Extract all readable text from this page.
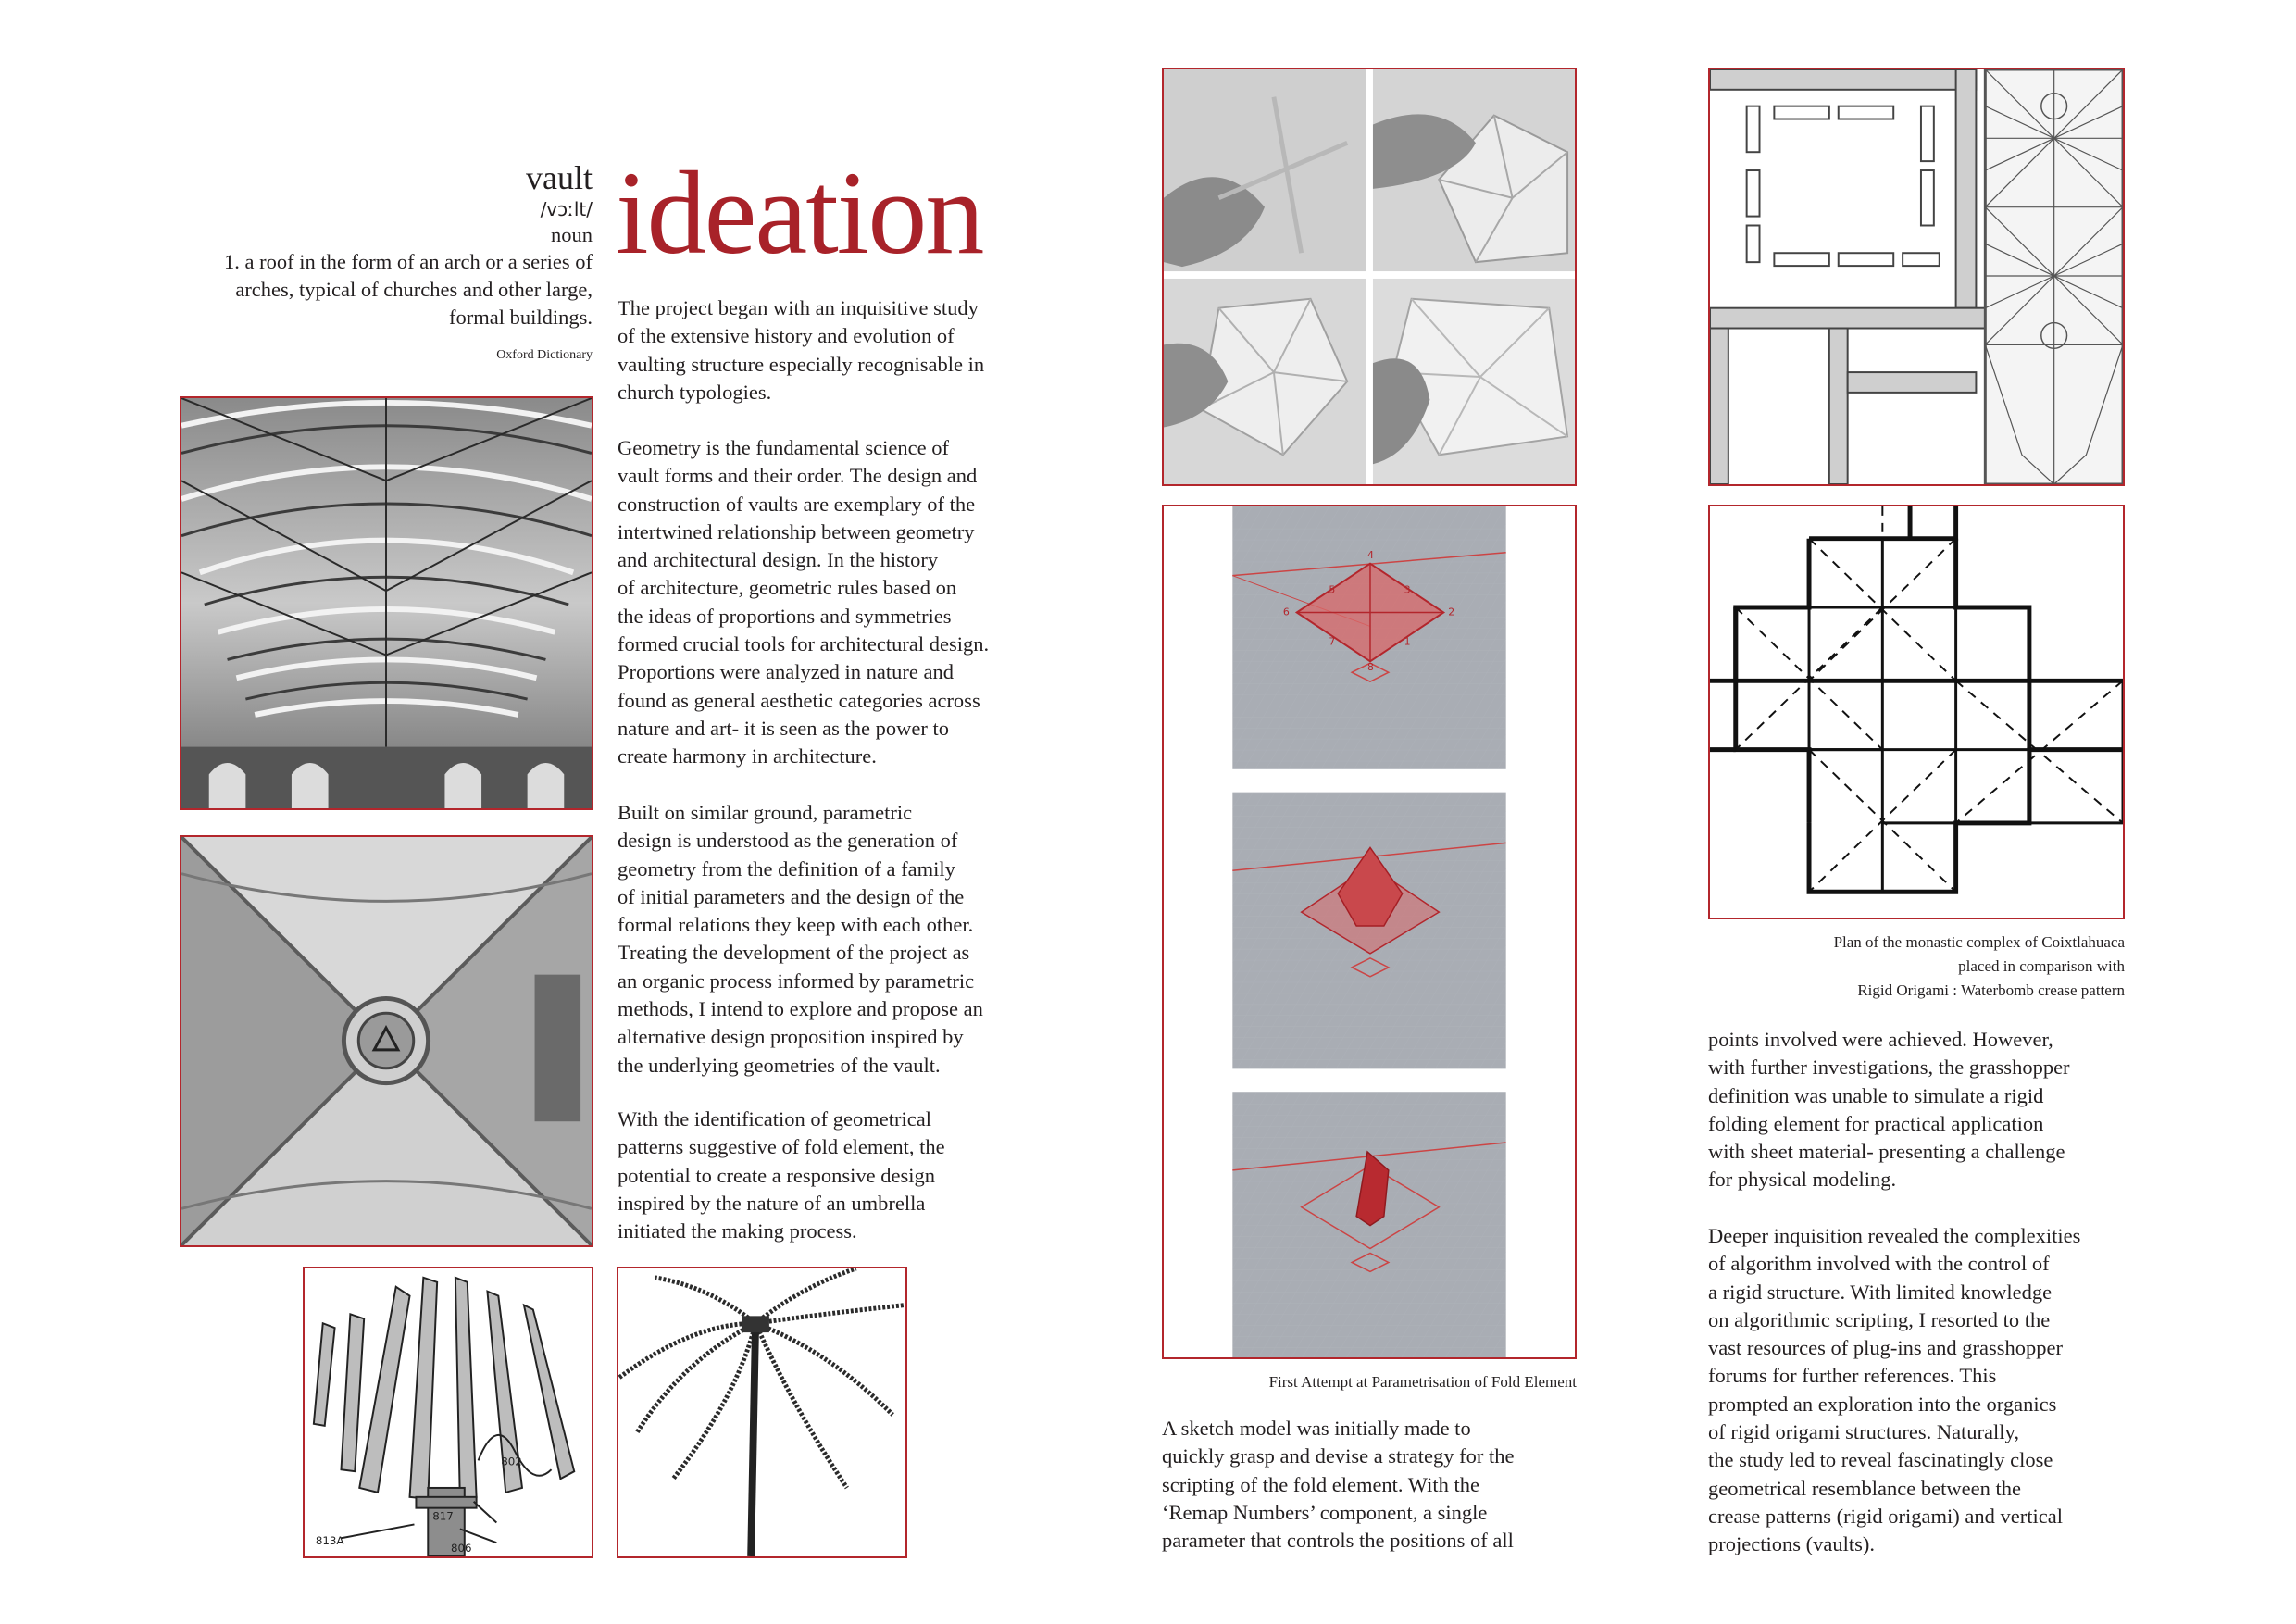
vault
/vɔːlt/
noun
1. a roof in the form of an arch or a series of
arches, typical of churches and other large,
formal buildings.
Oxford Dictionary
ideation
The project began with an inquisitive study
of the extensive history and evolution of
vaulting structure especially recognisable in
church typologies.
Geometry is the fundamental science of
vault forms and their order. The design and
construction of vaults are exemplary of the
intertwined relationship between geometry
and architectural design. In the history
of architecture, geometric rules based on
the ideas of proportions and symmetries
formed crucial tools for architectural design.
Proportions were analyzed in nature and
found as general aesthetic categories across
nature and art- it is seen as the power to
create harmony in architecture.
Built on similar ground, parametric
design is understood as the generation of
geometry from the definition of a family
of initial parameters and the design of the
formal relations they keep with each other.
Treating the development of the project as
an organic process informed by parametric
methods, I intend to explore and propose an
alternative design proposition inspired by
the underlying geometries of the vault.
With the identification of geometrical
patterns suggestive of fold element, the
potential to create a responsive design
inspired by the nature of an umbrella
initiated the making process.
802
817
813A
806
4
2
6
8
5	3
7	1
First Attempt at Parametrisation of Fold Element
A sketch model was initially made to
quickly grasp and devise a strategy for the
scripting of the fold element. With the
‘Remap Numbers’ component, a single
parameter that controls the positions of all
Plan of the monastic complex of Coixtlahuaca
placed in comparison with
Rigid Origami : Waterbomb crease pattern
points involved were achieved. However,
with further investigations, the grasshopper
definition was unable to simulate a rigid
folding element for practical application
with sheet material- presenting a challenge
for physical modeling.
Deeper inquisition revealed the complexities
of algorithm involved with the control of
a rigid structure. With limited knowledge
on algorithmic scripting, I resorted to the
vast resources of plug-ins and grasshopper
forums for further references. This
prompted an exploration into the organics
of rigid origami structures. Naturally,
the study led to reveal fascinatingly close
geometrical resemblance between the
crease patterns (rigid origami) and vertical
projections (vaults).
